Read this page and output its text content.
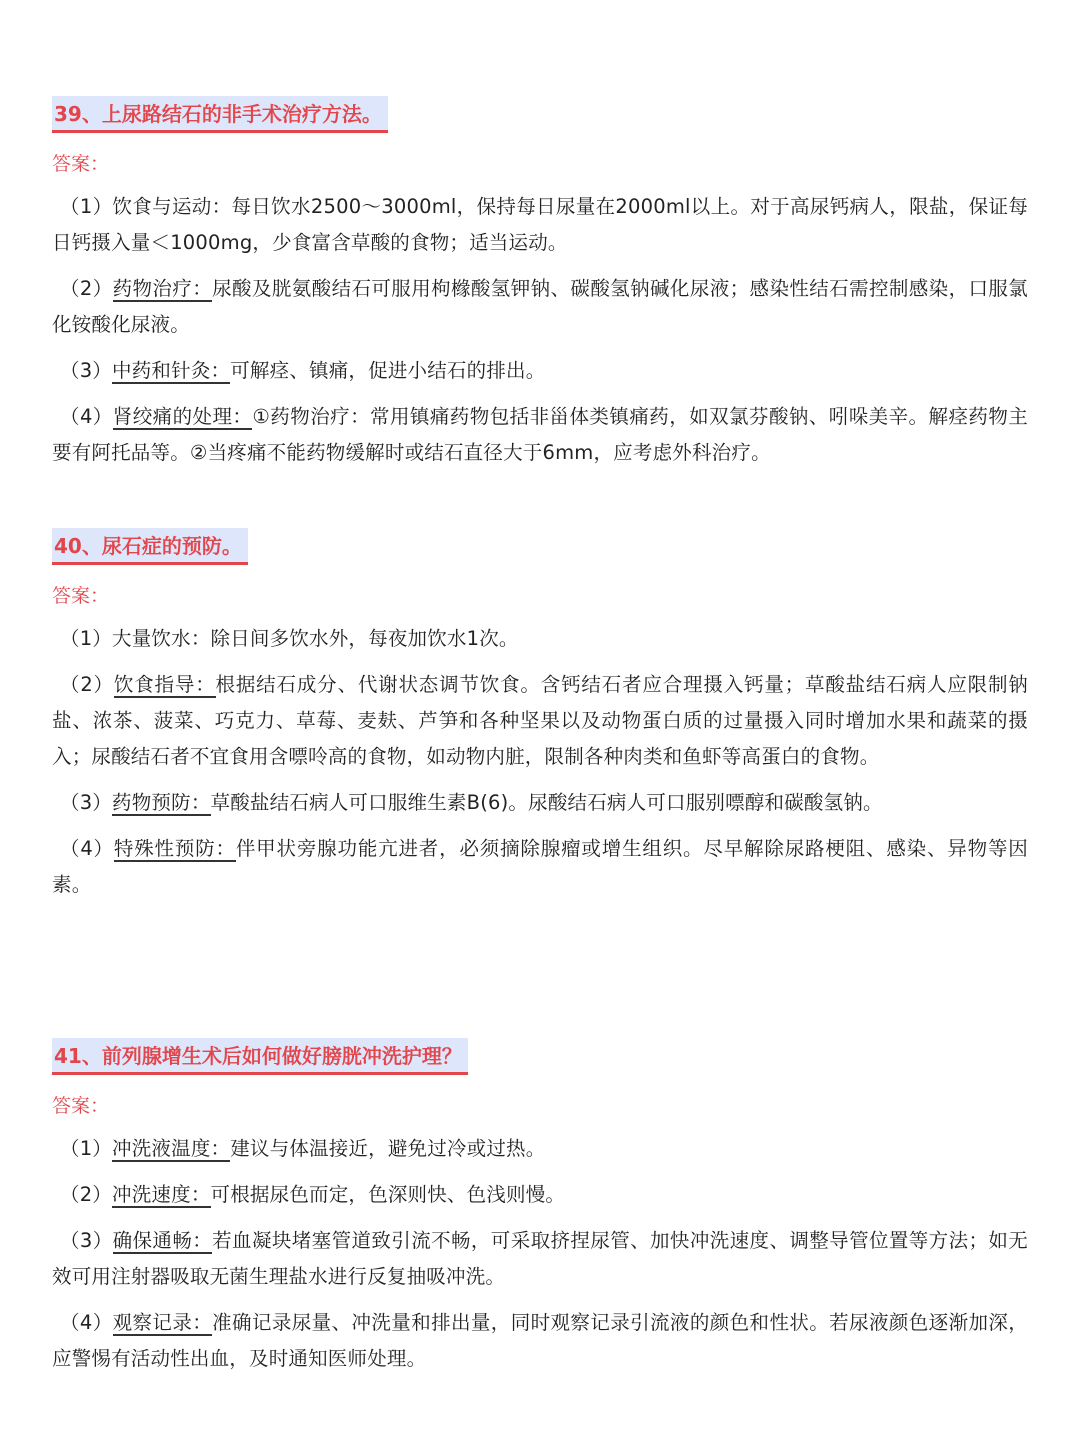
39、上尿路结石的非手术治疗方法。
答案：
（1）饮食与运动：每日饮水2500～3000ml，保持每日尿量在2000ml以上。对于高尿钙病人，限盐，保证每日钙摄入量＜1000mg，少食富含草酸的食物；适当运动。
（2）药物治疗：尿酸及胱氨酸结石可服用枸橼酸氢钾钠、碳酸氢钠碱化尿液；感染性结石需控制感染，口服氯化铵酸化尿液。
（3）中药和针灸：可解痉、镇痛，促进小结石的排出。
（4）肾绞痛的处理：①药物治疗：常用镇痛药物包括非甾体类镇痛药，如双氯芬酸钠、吲哚美辛。解痉药物主要有阿托品等。②当疼痛不能药物缓解时或结石直径大于6mm，应考虑外科治疗。
40、尿石症的预防。
答案：
（1）大量饮水：除日间多饮水外，每夜加饮水1次。
（2）饮食指导：根据结石成分、代谢状态调节饮食。含钙结石者应合理摄入钙量；草酸盐结石病人应限制钠盐、浓茶、菠菜、巧克力、草莓、麦麸、芦笋和各种坚果以及动物蛋白质的过量摄入同时增加水果和蔬菜的摄入；尿酸结石者不宜食用含嘌呤高的食物，如动物内脏，限制各种肉类和鱼虾等高蛋白的食物。
（3）药物预防：草酸盐结石病人可口服维生素B(6)。尿酸结石病人可口服别嘌醇和碳酸氢钠。
（4）特殊性预防：伴甲状旁腺功能亢进者，必须摘除腺瘤或增生组织。尽早解除尿路梗阻、感染、异物等因素。
41、前列腺增生术后如何做好膀胱冲洗护理？
答案：
（1）冲洗液温度：建议与体温接近，避免过冷或过热。
（2）冲洗速度：可根据尿色而定，色深则快、色浅则慢。
（3）确保通畅：若血凝块堵塞管道致引流不畅，可采取挤捏尿管、加快冲洗速度、调整导管位置等方法；如无效可用注射器吸取无菌生理盐水进行反复抽吸冲洗。
（4）观察记录：准确记录尿量、冲洗量和排出量，同时观察记录引流液的颜色和性状。若尿液颜色逐渐加深，应警惕有活动性出血，及时通知医师处理。
